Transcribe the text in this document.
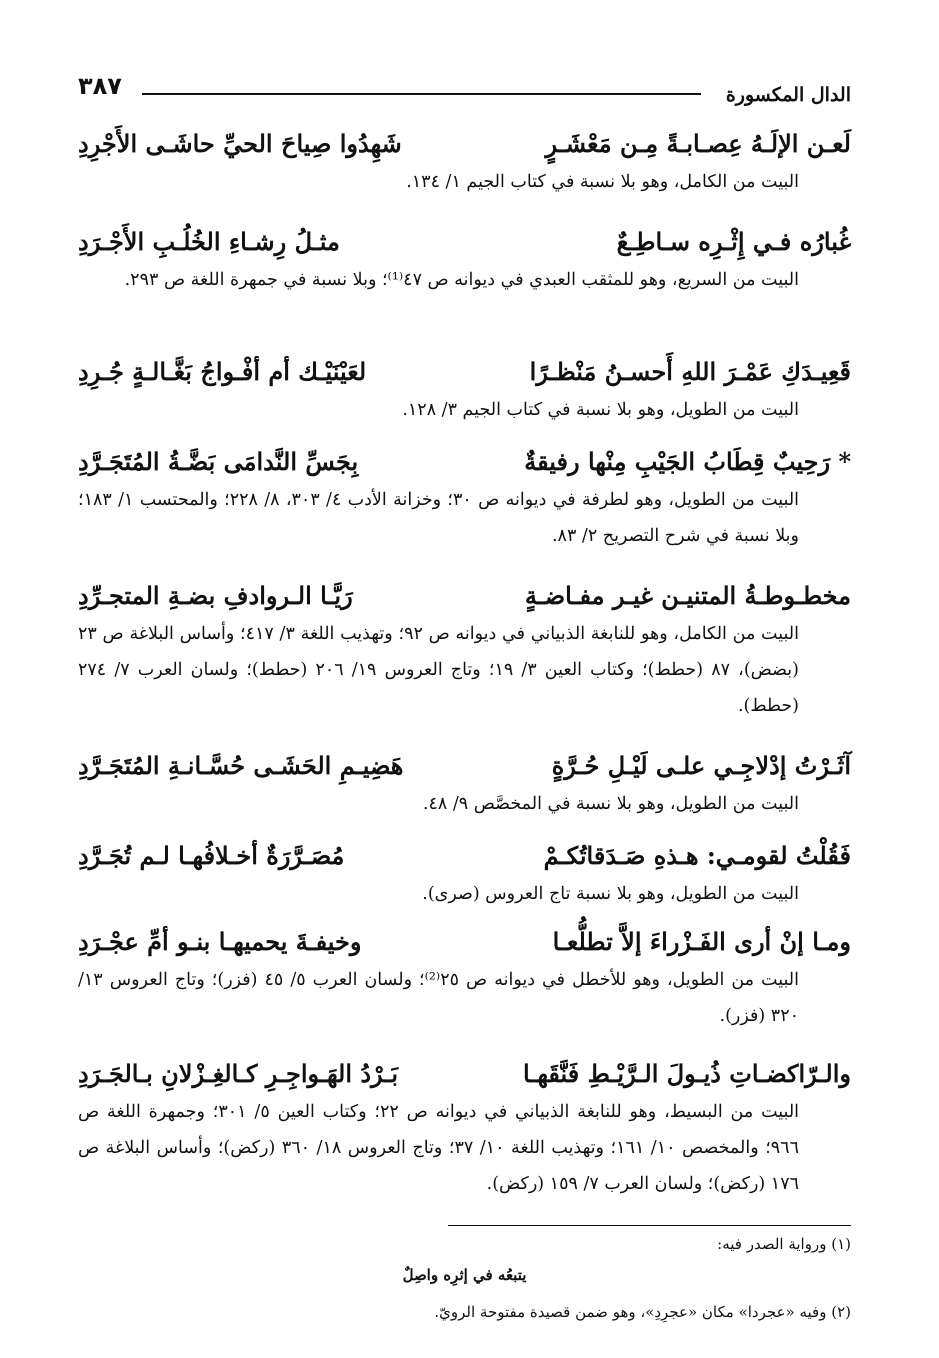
٣٨٧	الدال المكسورة
لَعـن الإلَـهُ عِصـابـةً مِـن مَعْشَـرٍ
شَهِدُوا صِياحَ الحيِّ حاشَـى الأَجْرِدِ
البيت من الكامل، وهو بلا نسبة في كتاب الجيم ١/ ١٣٤.
غُبارُه فـي إِثْـرِه سـاطِـعٌ
مثـلُ رِشـاءِ الخُلُـبِ الأَجْـرَدِ
البيت من السريع، وهو للمثقب العبدي في ديوانه ص ٤٧⁽¹⁾؛ وبلا نسبة في جمهرة اللغة ص ٢٩٣.
قَعِيـدَكِ عَمْـرَ اللهِ أَحسـنُ مَنْظـرًا
لعَيْنَيْـك أم أفْـواجُ بَغَّـالـةٍ جُـرِدِ
البيت من الطويل، وهو بلا نسبة في كتاب الجيم ٣/ ١٢٨.
* رَحِيبٌ قِطَابُ الجَيْبِ مِنْها رفيقةٌ
بِجَسِّ النَّدامَى بَضَّـةُ المُتَجَـرَّدِ
البيت من الطويل، وهو لطرفة في ديوانه ص ٣٠؛ وخزانة الأدب ٤/ ٣٠٣، ٨/ ٢٢٨؛ والمحتسب ١/ ١٨٣؛ وبلا نسبة في شرح التصريح ٢/ ٨٣.
مخطـوطـةُ المتنيـن غيـر مفـاضـةٍ
رَيَّـا الـروادفِ بضـةِ المتجـرِّدِ
البيت من الكامل، وهو للنابغة الذبياني في ديوانه ص ٩٢؛ وتهذيب اللغة ٣/ ٤١٧؛ وأساس البلاغة ص ٢٣ (بضض)، ٨٧ (حطط)؛ وكتاب العين ٣/ ١٩؛ وتاج العروس ١٩/ ٢٠٦ (حطط)؛ ولسان العرب ٧/ ٢٧٤ (حطط).
آثَـرْتُ إدْلاجِـي علـى لَيْـلِ حُـرَّةٍ
هَضِيـمِ الحَشَـى حُسَّـانـةِ المُتَجَـرَّدِ
البيت من الطويل، وهو بلا نسبة في المخصَّص ٩/ ٤٨.
فَقُلْتُ لقومـي: هـذهِ صَـدَقاتُكـمْ
مُصَـرَّرَةٌ أخـلافُهـا لـم تُجَـرَّدِ
البيت من الطويل، وهو بلا نسبة تاج العروس (صرى).
ومـا إنْ أرى الفَـزْراءَ إلاَّ تطلُّعـا
وخيفـةَ يحميهـا بنـو أمِّ عجْـرَدِ
البيت من الطويل، وهو للأخطل في ديوانه ص ٢٥⁽²⁾؛ ولسان العرب ٥/ ٤٥ (فزر)؛ وتاج العروس ١٣/ ٣٢٠ (فزر).
والـرّاكضـاتِ ذُيـولَ الـرَّيْـطِ فَنَّقَهـا
بَـرْدُ الهَـواجِـرِ كـالغِـزْلانِ بـالجَـرَدِ
البيت من البسيط، وهو للنابغة الذبياني في ديوانه ص ٢٢؛ وكتاب العين ٥/ ٣٠١؛ وجمهرة اللغة ص ٩٦٦؛ والمخصص ١٠/ ١٦١؛ وتهذيب اللغة ١٠/ ٣٧؛ وتاج العروس ١٨/ ٣٦٠ (ركض)؛ وأساس البلاغة ص ١٧٦ (ركض)؛ ولسان العرب ٧/ ١٥٩ (ركض).
(١) ورواية الصدر فيه:
يتبعُه في إثرِه واصِلٌ
(٢) وفيه «عجردا» مكان «عجرِدِ»، وهو ضمن قصيدة مفتوحة الرويّ.
